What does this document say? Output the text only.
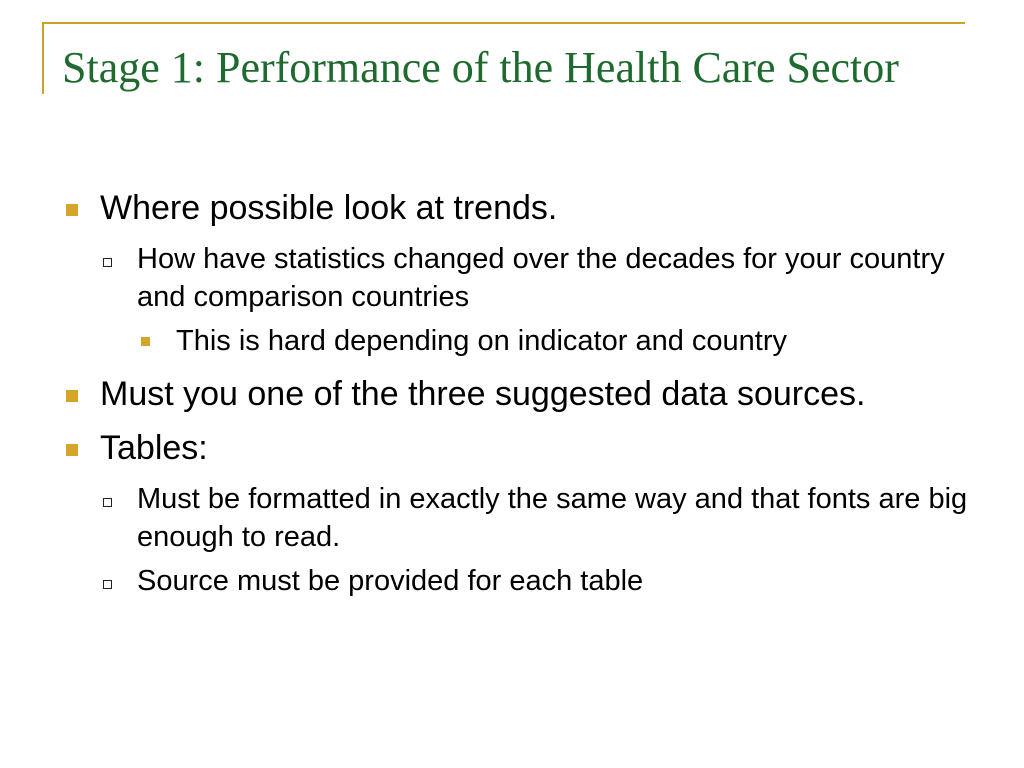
Stage 1: Performance of the Health Care Sector
Where possible look at trends.
How have statistics changed over the decades for your country and comparison countries
This is hard depending on indicator and country
Must you one of the three suggested data sources.
Tables:
Must be formatted in exactly the same way and that fonts are big enough to read.
Source must be provided for each table
